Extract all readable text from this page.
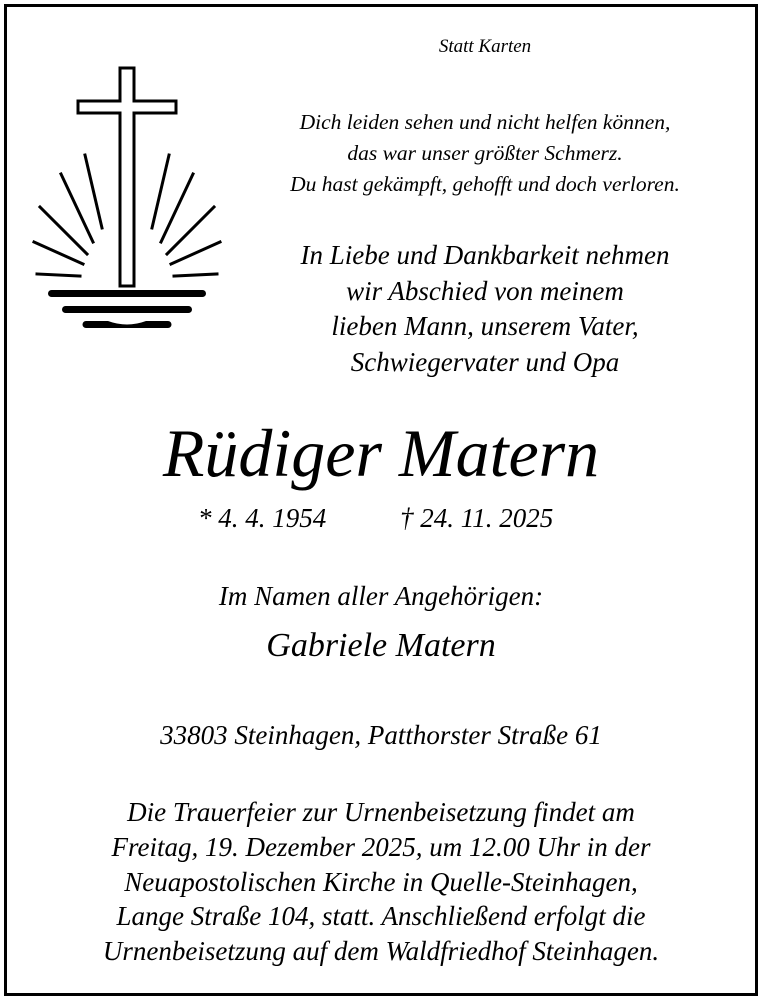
Statt Karten
Dich leiden sehen und nicht helfen können,
das war unser größter Schmerz.
Du hast gekämpft, gehofft und doch verloren.
In Liebe und Dankbarkeit nehmen
wir Abschied von meinem
lieben Mann, unserem Vater,
Schwiegervater und Opa
Rüdiger Matern
* 4. 4. 1954	† 24. 11. 2025
Im Namen aller Angehörigen:
Gabriele Matern
33803 Steinhagen, Patthorster Straße 61
Die Trauerfeier zur Urnenbeisetzung findet am
Freitag, 19. Dezember 2025, um 12.00 Uhr in der
Neuapostolischen Kirche in Quelle-Steinhagen,
Lange Straße 104, statt. Anschließend erfolgt die
Urnenbeisetzung auf dem Waldfriedhof Steinhagen.
